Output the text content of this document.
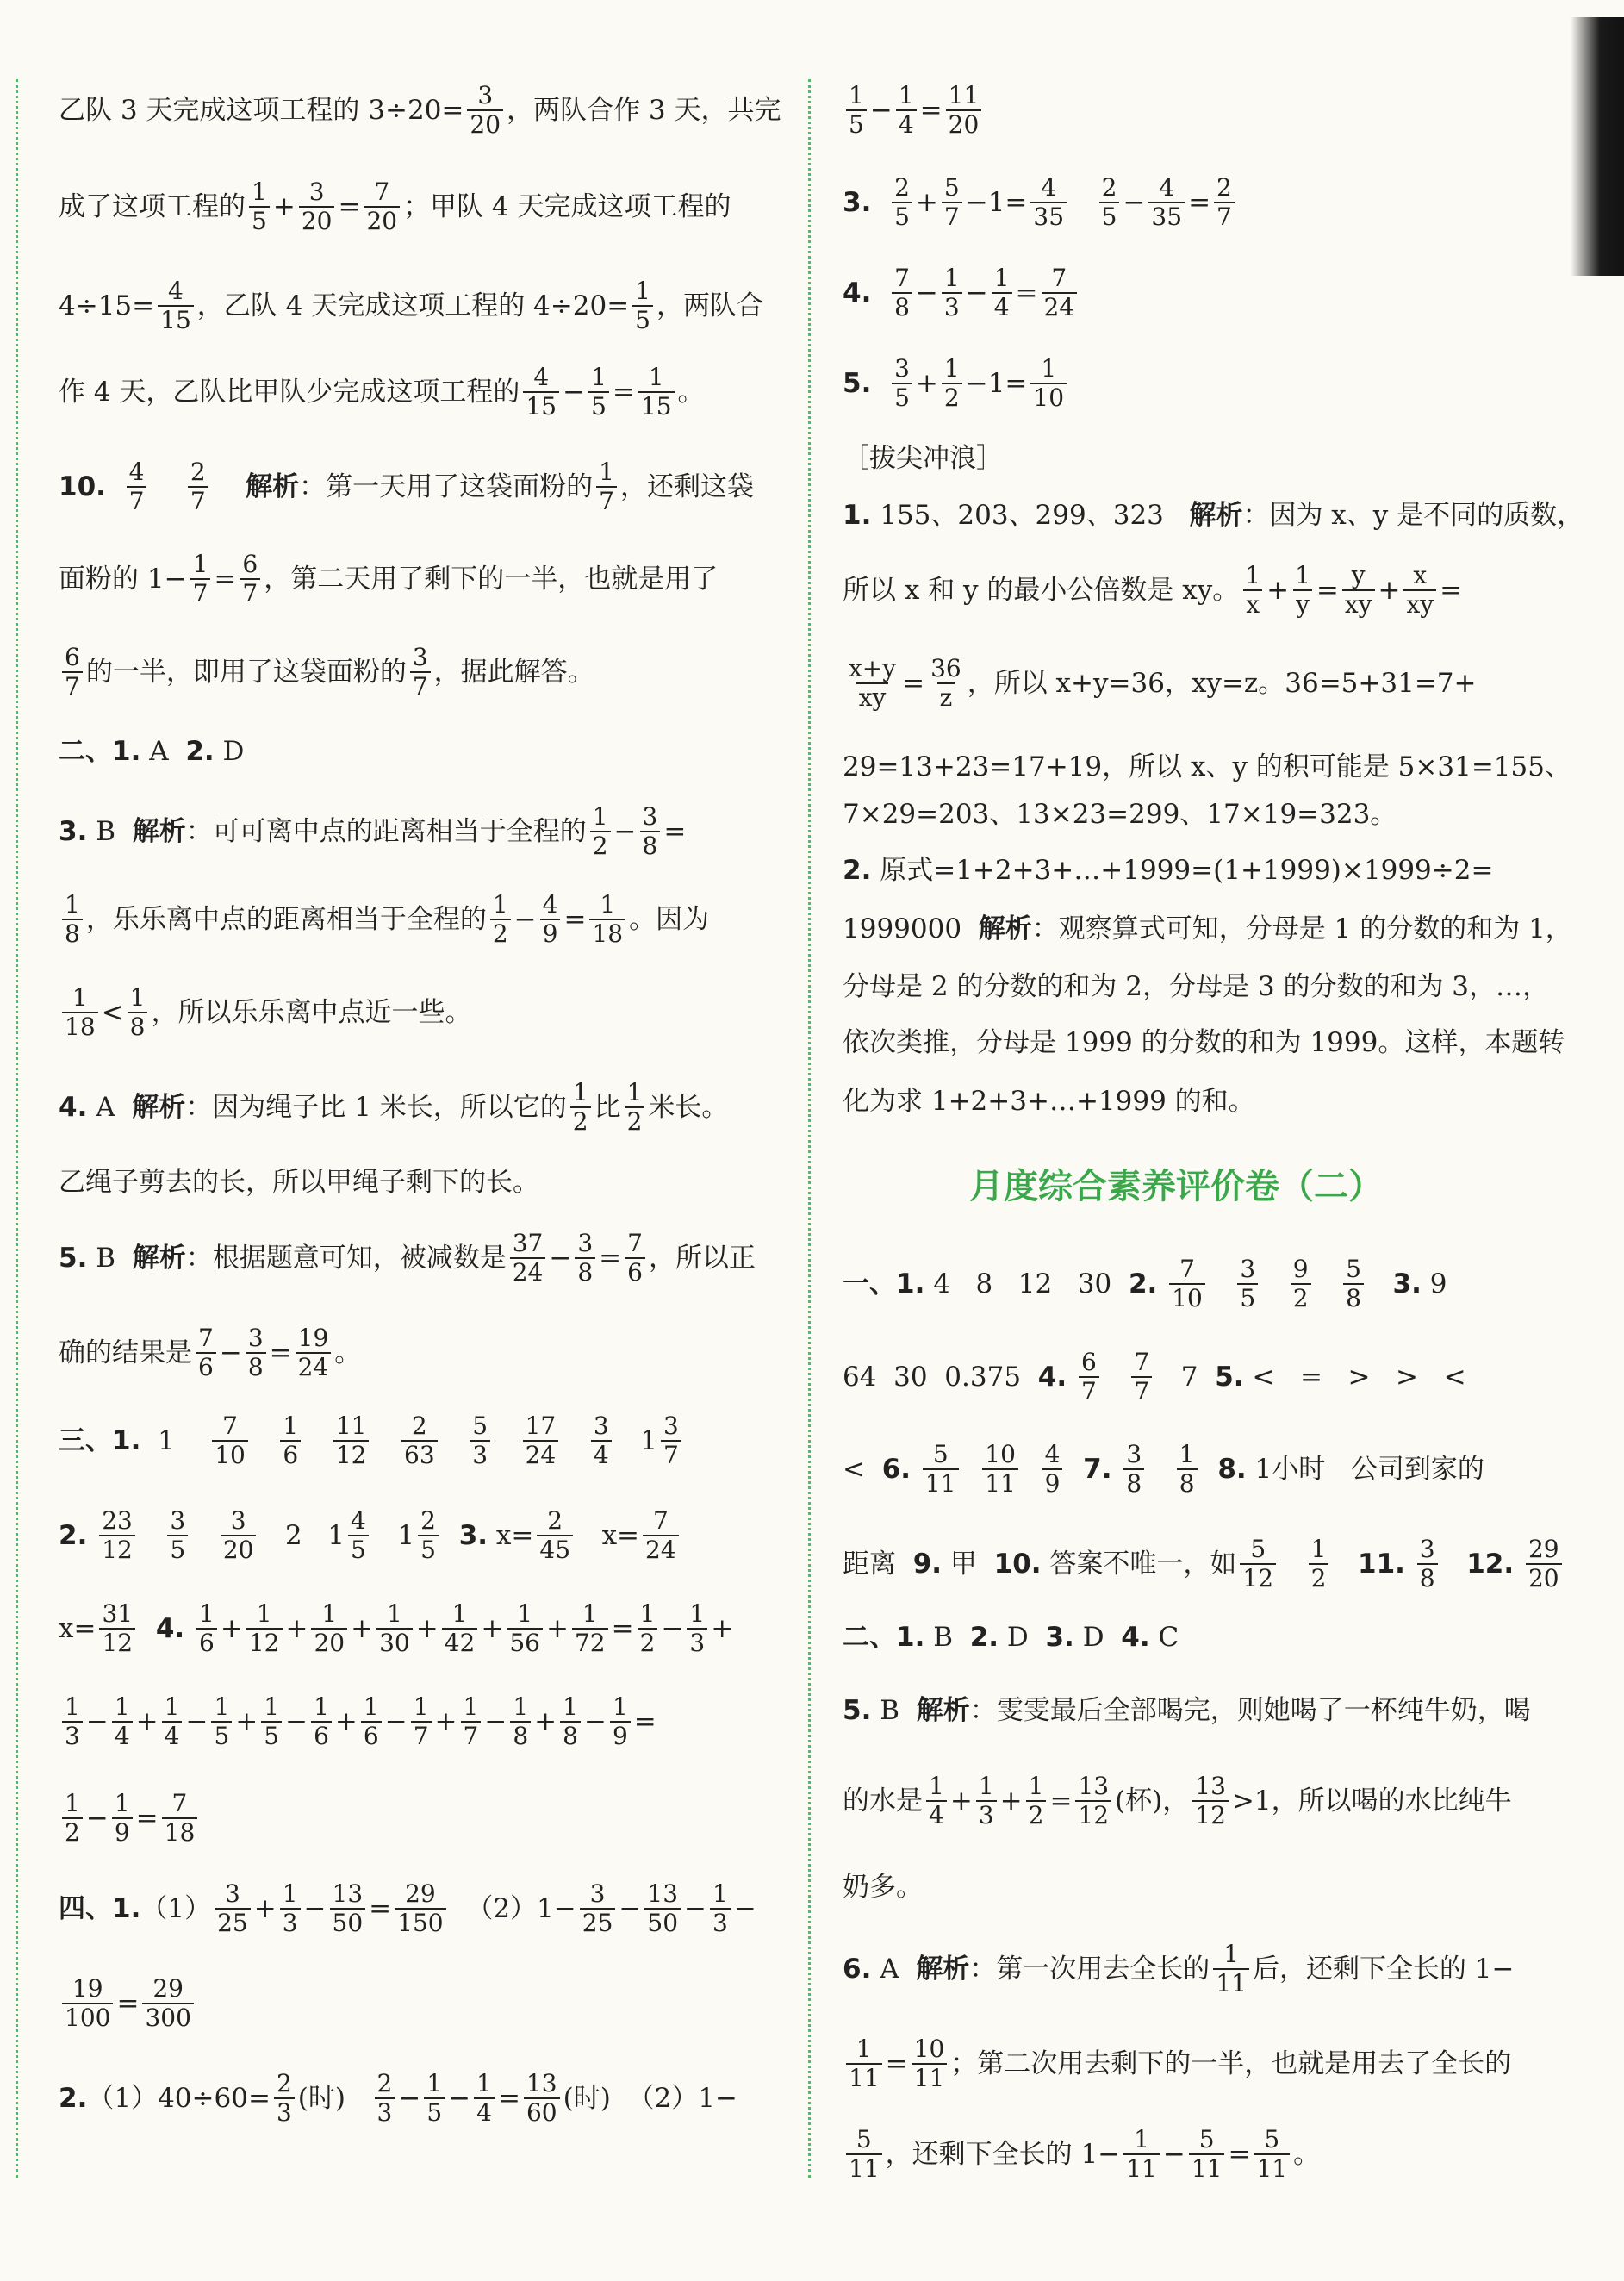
乙队 3 天完成这项工程的 $3\div 20= \frac{3}{20}$ ，两队合作 3 天，共完
成了这项工程的 $\frac{1}{5} + \frac{3}{20} = \frac{7}{20}$ ；甲队 4 天完成这项工程的
$4\div 15= \frac{4}{15}$ ，乙队 4 天完成这项工程的 $4\div 20= \frac{1}{5}$ ，两队合
作 4 天，乙队比甲队少完成这项工程的 $\frac{4}{15} - \frac{1}{5} = \frac{1}{15}$ 。
10.
$\frac{4}{7}$
$\frac{2}{7}$
解析 ：第一天用了这袋面粉的 $\frac{1}{7}$ ，还剩这袋
面粉的 $1- \frac{1}{7} = \frac{6}{7}$ ，第二天用了剩下的一半，也就是用了
$\frac{6}{7}$ 的一半，即用了这袋面粉的 $\frac{3}{7}$ ，据此解答。
二、1. A 2. D
3. B 解析 ：可可离中点的距离相当于全程的 $\frac{1}{2} - \frac{3}{8}$ =
$\frac{1}{8}$ ，乐乐离中点的距离相当于全程的 $\frac{1}{2} - \frac{4}{9} = \frac{1}{18}$ 。因为
$\frac{1}{18} < \frac{1}{8}$ ，所以乐乐离中点近一些。
4. A 解析 ：因为绳子比 1 米长，所以它的 $\frac{1}{2}$ 比 $\frac{1}{2}$ 米长。
乙绳子剪去的长，所以甲绳子剩下的长。
5. B 解析 ：根据题意可知，被减数是 $\frac{37}{24} - \frac{3}{8} = \frac{7}{6}$ ，所以正
确的结果是 $\frac{7}{6} - \frac{3}{8} = \frac{19}{24}$ 。
三、1. $1 \frac{7}{10}$
$\frac{1}{6}$
$\frac{11}{12}$
$\frac{2}{63}$
$\frac{5}{3}$
$\frac{17}{24}$
$\frac{3}{4} 1 \frac{3}{7}$
2.
$\frac{23}{12}$
$\frac{3}{5}$
$\frac{3}{20} 2$   $1 \frac{4}{5} 1 \frac{2}{5}$
3. $x= \frac{2}{45} x= \frac{7}{24}$
$x= \frac{31}{12}$
4.
$\frac{1}{6} + \frac{1}{12} + \frac{1}{20} + \frac{1}{30} + \frac{1}{42} + \frac{1}{56} + \frac{1}{72} = \frac{1}{2} - \frac{1}{3}$ +
$\frac{1}{3} - \frac{1}{4} + \frac{1}{4} - \frac{1}{5} + \frac{1}{5} - \frac{1}{6} + \frac{1}{6} - \frac{1}{7} + \frac{1}{7} - \frac{1}{8} + \frac{1}{8} - \frac{1}{9}$ =
$\frac{1}{2} - \frac{1}{9} = \frac{7}{18}$
四、1. $(1) \frac{3}{25} + \frac{1}{3} - \frac{13}{50} = \frac{29}{150} (2)1- \frac{3}{25} - \frac{13}{50} - \frac{1}{3}$ −
$\frac{19}{100} = \frac{29}{300}$
2. $(1)40\div 60= \frac{2}{3}$ (时) $\frac{2}{3} - \frac{1}{5} - \frac{1}{4} = \frac{13}{60}$ (时)  （2）1−
$\frac{1}{5} - \frac{1}{4} = \frac{11}{20}$
3.
$\frac{2}{5} + \frac{5}{7} -1= \frac{4}{35}$
$\frac{2}{5} - \frac{4}{35} = \frac{2}{7}$
4.
$\frac{7}{8} - \frac{1}{3} - \frac{1}{4} = \frac{7}{24}$
5.
$\frac{3}{5} + \frac{1}{2} -1= \frac{1}{10}$
［拔尖冲浪］
1. 155、203、299、323 解析 ：因为 x、y 是不同的质数，
所以 x 和 y 的最小公倍数是 xy。 $\frac{1}{x} + \frac{1}{y} = \frac{y}{xy} + \frac{x}{xy}$ =
$\frac{x+y}{xy} = \frac{36}{z}$ ，所以 x+y=36，xy=z。36=5+31=7+
29=13+23=17+19，所以 x、y 的积可能是 5×31=155、
7×29=203、13×23=299、17×19=323。
2. 原式=1+2+3+…+1999=(1+1999)×1999÷2=
1999000 解析 ：观察算式可知，分母是 1 的分数的和为 1，
分母是 2 的分数的和为 2，分母是 3 的分数的和为 3，…，
依次类推，分母是 1999 的分数的和为 1999。这样，本题转
化为求 1+2+3+…+1999 的和。
月度综合素养评价卷（二）
一、1. 4   8   12   30 2.
$\frac{7}{10}$
$\frac{3}{5}$
$\frac{9}{2}$
$\frac{5}{8}$
3. 9
64  30  0.375 4.
$\frac{6}{7}$
$\frac{7}{7} 7$ 5. <   =   >   >   <
< 6.
$\frac{5}{11}$
$\frac{10}{11}$
$\frac{4}{9}$
7.
$\frac{3}{8}$
$\frac{1}{8}$
8. 1小时   公司到家的
距离 9. 甲 10. 答案不唯一，如 $\frac{5}{12}$
$\frac{1}{2}$
11.
$\frac{3}{8}$
12.
$\frac{29}{20}$
二、1. B 2. D 3. D 4. C
5. B 解析 ：雯雯最后全部喝完，则她喝了一杯纯牛奶，喝
的水是 $\frac{1}{4} + \frac{1}{3} + \frac{1}{2} = \frac{13}{12}$ (杯)， $\frac{13}{12} >1$，所以喝的水比纯牛
奶多。
6. A 解析 ：第一次用去全长的 $\frac{1}{11}$ 后，还剩下全长的 1−
$\frac{1}{11} = \frac{10}{11}$ ；第二次用去剩下的一半，也就是用去了全长的
$\frac{5}{11}$ ，还剩下全长的 $1- \frac{1}{11} - \frac{5}{11} = \frac{5}{11}$ 。
